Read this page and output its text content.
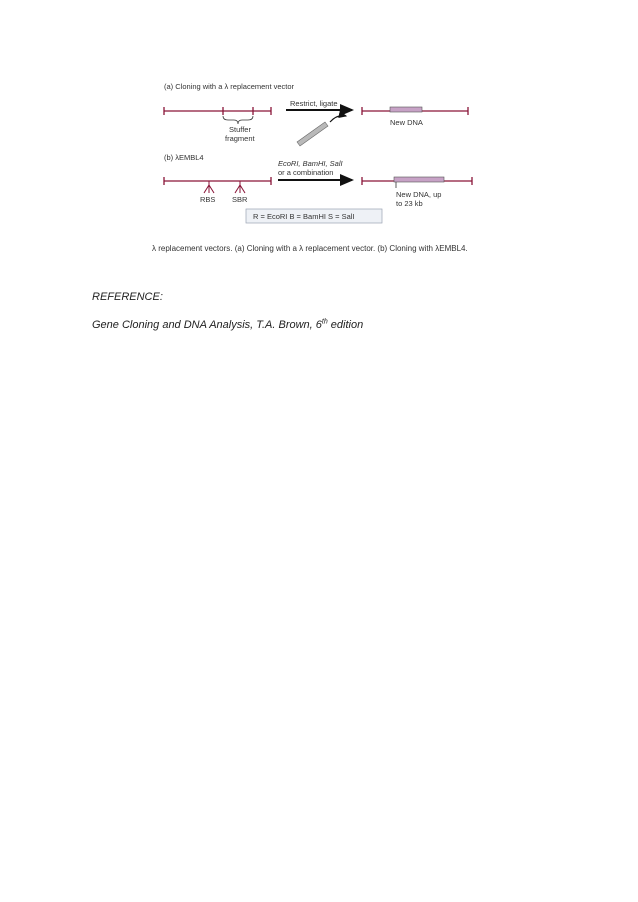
(a) Cloning with a λ replacement vector
Stuffer
fragment
Restrict, ligate
New DNA
(b) λEMBL4
RBS SBR
EcoRI, BamHI, SalI
or a combination
New DNA, up
to 23 kb
R = EcoRI B = BamHI S = SalI
λ replacement vectors. (a) Cloning with a λ replacement vector. (b) Cloning with λEMBL4.

REFERENCE:

Gene Cloning and DNA Analysis, T.A. Brown, 6th edition
